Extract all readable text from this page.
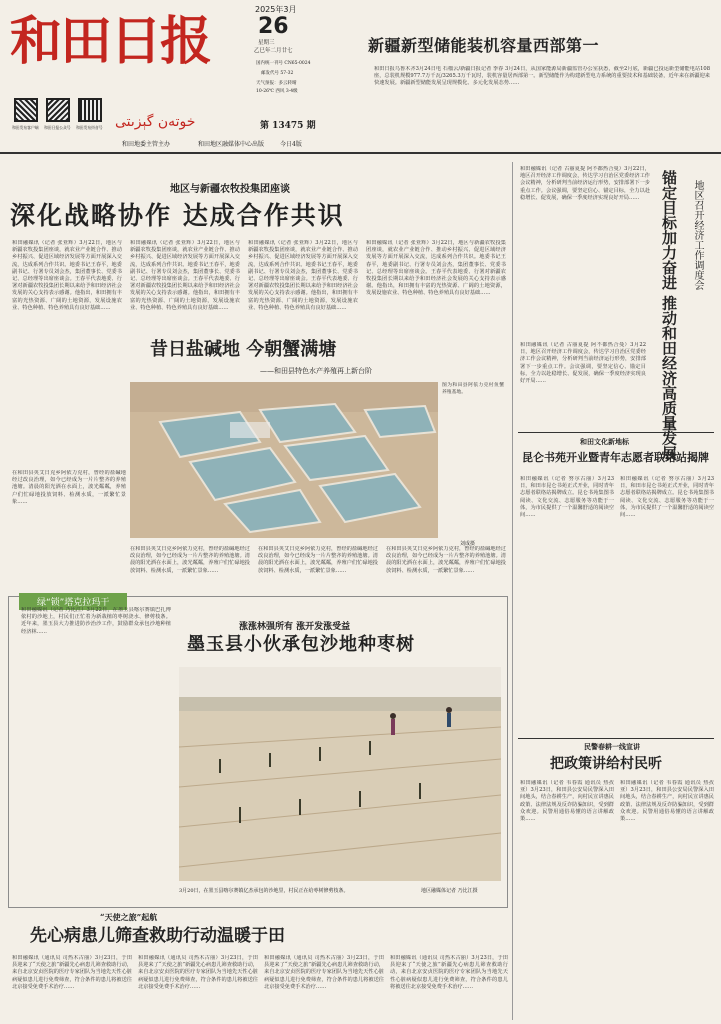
和田日报
خوتەن گېزىتى
2025年3月
26
星期三
乙巳年二月廿七
国内统一刊号 CN65-0024
邮发代号 57-32
天气预报：多云转晴
10-26℃ 西风 3-4级
第 13475 期
和田发布客户端	和田日报公众号	和田发布抖音号
和田地委主管主办	和田地区融媒体中心出版	今日4版
新疆新型储能装机容量西部第一
和田日报乌鲁木齐3月24日电 石榴云/新疆日报记者 季春 3月24日，从国家能源局新疆监管办公室获悉，截至2月底，新疆已投运新型储能电站108座，总装机规模977.7万千瓦/3265.3万千瓦时，装机容量居西部第一。新型储能作为构建新型电力系统的重要技术和基础装备，近年来在新疆迎来快速发展。新疆新型储能发展呈现规模化、多元化发展态势……
地区与新疆农牧投集团座谈
深化战略协作 达成合作共识
和田融媒讯（记者 张亚辉）3月22日，地区与新疆农牧投集团座谈，就农业产业链合作、推动乡村振兴、促进区域经济发展等方面开展深入交流，达成系列合作共识。地委书记王春平，地委副书记、行署专员刘会杰，集团董事长、党委书记、总经理等出席座谈会。王春平代表地委、行署对新疆农牧投集团长期以来给予和田经济社会发展的关心支持表示感谢。他指出，和田拥有丰富的光热资源、广阔的土地资源，发展设施农业、特色种植、特色养殖具有良好基础……
和田融媒讯（记者 张亚辉）3月22日，地区与新疆农牧投集团座谈，就农业产业链合作、推动乡村振兴、促进区域经济发展等方面开展深入交流，达成系列合作共识。地委书记王春平，地委副书记、行署专员刘会杰，集团董事长、党委书记、总经理等出席座谈会。王春平代表地委、行署对新疆农牧投集团长期以来给予和田经济社会发展的关心支持表示感谢。他指出，和田拥有丰富的光热资源、广阔的土地资源，发展设施农业、特色种植、特色养殖具有良好基础……
和田融媒讯（记者 张亚辉）3月22日，地区与新疆农牧投集团座谈，就农业产业链合作、推动乡村振兴、促进区域经济发展等方面开展深入交流，达成系列合作共识。地委书记王春平，地委副书记、行署专员刘会杰，集团董事长、党委书记、总经理等出席座谈会。王春平代表地委、行署对新疆农牧投集团长期以来给予和田经济社会发展的关心支持表示感谢。他指出，和田拥有丰富的光热资源、广阔的土地资源，发展设施农业、特色种植、特色养殖具有良好基础……
和田融媒讯（记者 张亚辉）3月22日，地区与新疆农牧投集团座谈，就农业产业链合作、推动乡村振兴、促进区域经济发展等方面开展深入交流，达成系列合作共识。地委书记王春平，地委副书记、行署专员刘会杰，集团董事长、党委书记、总经理等出席座谈会。王春平代表地委、行署对新疆农牧投集团长期以来给予和田经济社会发展的关心支持表示感谢。他指出，和田拥有丰富的光热资源、广阔的土地资源，发展设施农业、特色种植、特色养殖具有良好基础……
昔日盐碱地 今朝蟹满塘
——和田县特色水产养殖再上新台阶
图为和田县阿依力克村鱼蟹养殖基地。
刘成摄
在和田县英艾日克乡阿依力克村，曾经的盐碱地经过改良治理，如今已经成为一片片整齐的养殖池塘。清晨的阳光洒在水面上，波光粼粼，养殖户们忙碌地投放饲料、检测水质，一派繁忙景象……
在和田县英艾日克乡阿依力克村，曾经的盐碱地经过改良治理，如今已经成为一片片整齐的养殖池塘。清晨的阳光洒在水面上，波光粼粼，养殖户们忙碌地投放饲料、检测水质，一派繁忙景象……
在和田县英艾日克乡阿依力克村，曾经的盐碱地经过改良治理，如今已经成为一片片整齐的养殖池塘。清晨的阳光洒在水面上，波光粼粼，养殖户们忙碌地投放饲料、检测水质，一派繁忙景象……
在和田县英艾日克乡阿依力克村，曾经的盐碱地经过改良治理，如今已经成为一片片整齐的养殖池塘。清晨的阳光洒在水面上，波光粼粼，养殖户们忙碌地投放饲料、检测水质，一派繁忙景象……
绿“锁”塔克拉玛干
涨涨林强所有 涨开发涨受益
墨玉县小伙承包沙地种枣树
和田融媒讯（记者 乃比江）3月22日，在墨玉县喀尔赛镇巴扎博依村的沙地上，村民们正忙着为新栽植的枣树浇水、修剪枝条。近年来，墨玉县大力推进防沙治沙工作，鼓励群众承包沙地种植经济林……
3月20日，在墨玉县喀尔赛镇亿杰承包的沙地里，村民正在给枣树修剪枝条。	地区融媒体记者 乃比江摄
“天使之旅”起航
先心病患儿筛查救助行动温暖于田
和田融媒讯（通讯员 司热木古丽）3月23日，于田县迎来了“天使之旅”新疆先心病患儿筛查救助行动，来自北京安贞医院的医疗专家团队为当地先天性心脏病疑似患儿进行免费筛查，符合条件的患儿将被送往北京接受免费手术治疗……
和田融媒讯（通讯员 司热木古丽）3月23日，于田县迎来了“天使之旅”新疆先心病患儿筛查救助行动，来自北京安贞医院的医疗专家团队为当地先天性心脏病疑似患儿进行免费筛查，符合条件的患儿将被送往北京接受免费手术治疗……
和田融媒讯（通讯员 司热木古丽）3月23日，于田县迎来了“天使之旅”新疆先心病患儿筛查救助行动，来自北京安贞医院的医疗专家团队为当地先天性心脏病疑似患儿进行免费筛查，符合条件的患儿将被送往北京接受免费手术治疗……
和田融媒讯（通讯员 司热木古丽）3月23日，于田县迎来了“天使之旅”新疆先心病患儿筛查救助行动，来自北京安贞医院的医疗专家团队为当地先天性心脏病疑似患儿进行免费筛查，符合条件的患儿将被送往北京接受免费手术治疗……
和田融媒讯（记者 古丽夏提 阿不都热合曼）3月22日，地区召开经济工作调度会，传达学习自治区党委经济工作会议精神，分析研判当前经济运行形势，安排部署下一步重点工作。会议强调，要坚定信心、锚定目标，全力以赴稳增长、促发展，确保一季度经济实现良好开局……	锚定目标加力奋进 推动和田经济高质量发展	地区召开经济工作调度会
和田融媒讯（记者 古丽夏提 阿不都热合曼）3月22日，地区召开经济工作调度会，传达学习自治区党委经济工作会议精神，分析研判当前经济运行形势，安排部署下一步重点工作。会议强调，要坚定信心、锚定目标，全力以赴稳增长、促发展，确保一季度经济实现良好开局……
和田文化新地标
昆仑书苑开业暨青年志愿者联络站揭牌
和田融媒讯（记者 努尔古丽）3月23日，和田市昆仑书苑正式开业，同时青年志愿者联络站揭牌成立。昆仑书苑集图书阅读、文化交流、志愿服务等功能于一体，为市民提供了一个温馨舒适的阅读空间……
和田融媒讯（记者 努尔古丽）3月23日，和田市昆仑书苑正式开业，同时青年志愿者联络站揭牌成立。昆仑书苑集图书阅读、文化交流、志愿服务等功能于一体，为市民提供了一个温馨舒适的阅读空间……
民警春耕一线宣讲
把政策讲给村民听
和田融媒讯（记者 韦春霞 通讯员 热孜亚）3月23日，和田县公安局民警深入田间地头，结合春耕生产，向村民宣讲惠民政策、法律法规及反诈防骗知识，受到群众欢迎。民警用通俗易懂的语言讲解政策……
和田融媒讯（记者 韦春霞 通讯员 热孜亚）3月23日，和田县公安局民警深入田间地头，结合春耕生产，向村民宣讲惠民政策、法律法规及反诈防骗知识，受到群众欢迎。民警用通俗易懂的语言讲解政策……
